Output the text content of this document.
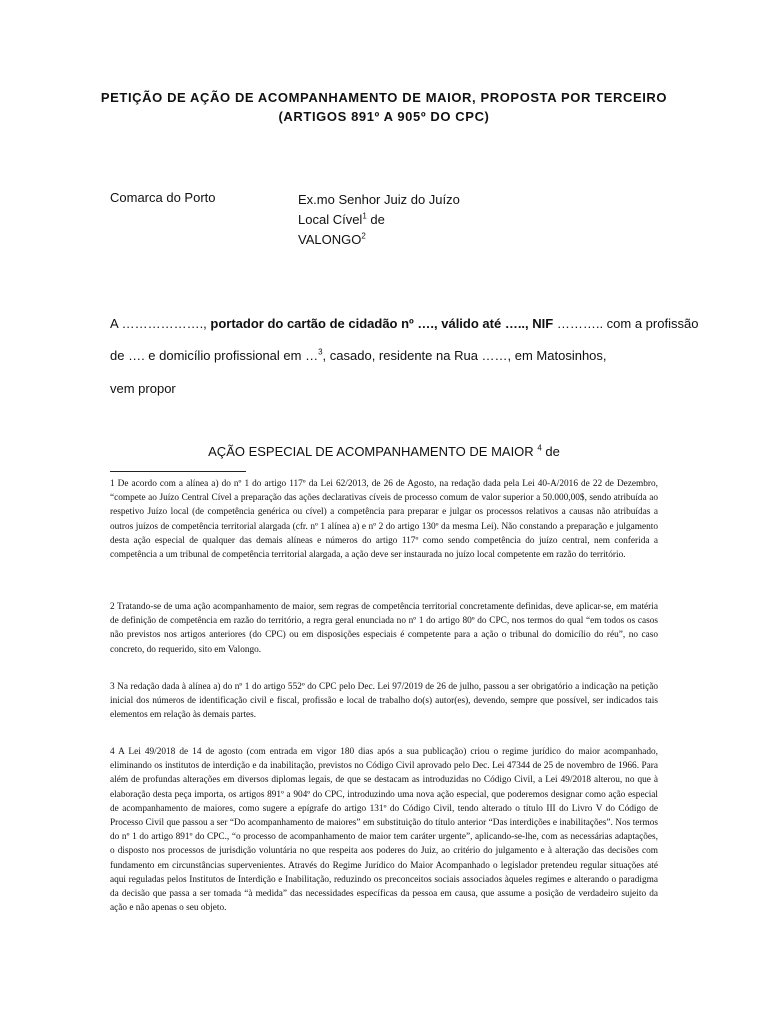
PETIÇÃO DE AÇÃO DE ACOMPANHAMENTO DE MAIOR, PROPOSTA POR TERCEIRO
(ARTIGOS 891º A 905º DO CPC)
Comarca do Porto	Ex.mo Senhor Juiz do Juízo
Local Cível$^1$ de
VALONGO$^2$
A ………………., portador do cartão de cidadão nº …., válido até ….., NIF ……….. com a profissão
de …. e domicílio profissional em …$^3$, casado, residente na Rua ……, em Matosinhos,
vem propor
AÇÃO ESPECIAL DE ACOMPANHAMENTO DE MAIOR $^4$ de
1 De acordo com a alínea a) do nº 1 do artigo 117º da Lei 62/2013, de 26 de Agosto, na redação dada pela Lei 40-A/2016 de 22 de Dezembro, “compete ao Juízo Central Cível a preparação das ações declarativas cíveis de processo comum de valor superior a 50.000,00$, sendo atribuída ao respetivo Juízo local (de competência genérica ou cível) a competência para preparar e julgar os processos relativos a causas não atribuídas a outros juízos de competência territorial alargada (cfr. nº 1 alínea a) e nº 2 do artigo 130º da mesma Lei). Não constando a preparação e julgamento desta ação especial de qualquer das demais alíneas e números do artigo 117º como sendo competência do juízo central, nem conferida a competência a um tribunal de competência territorial alargada, a ação deve ser instaurada no juízo local competente em razão do território.
2 Tratando-se de uma ação acompanhamento de maior, sem regras de competência territorial concretamente definidas, deve aplicar-se, em matéria de definição de competência em razão do território, a regra geral enunciada no nº 1 do artigo 80º do CPC, nos termos do qual “em todos os casos não previstos nos artigos anteriores (do CPC) ou em disposições especiais é competente para a ação o tribunal do domicílio do réu”, no caso concreto, do requerido, sito em Valongo.
3 Na redação dada à alínea a) do nº 1 do artigo 552º do CPC pelo Dec. Lei 97/2019 de 26 de julho, passou a ser obrigatório a indicação na petição inicial dos números de identificação civil e fiscal, profissão e local de trabalho do(s) autor(es), devendo, sempre que possível, ser indicados tais elementos em relação às demais partes.
4 A Lei 49/2018 de 14 de agosto (com entrada em vigor 180 dias após a sua publicação) criou o regime jurídico do maior acompanhado, eliminando os institutos de interdição e da inabilitação, previstos no Código Civil aprovado pelo Dec. Lei 47344 de 25 de novembro de 1966. Para além de profundas alterações em diversos diplomas legais, de que se destacam as introduzidas no Código Civil, a Lei 49/2018 alterou, no que à elaboração desta peça importa, os artigos 891º a 904º do CPC, introduzindo uma nova ação especial, que poderemos designar como ação especial de acompanhamento de maiores, como sugere a epígrafe do artigo 131º do Código Civil, tendo alterado o título III do Livro V do Código de Processo Civil que passou a ser “Do acompanhamento de maiores” em substituição do título anterior “Das interdições e inabilitações”. Nos termos do nº 1 do artigo 891º do CPC., “o processo de acompanhamento de maior tem caráter urgente”, aplicando-se-lhe, com as necessárias adaptações, o disposto nos processos de jurisdição voluntária no que respeita aos poderes do Juiz, ao critério do julgamento e à alteração das decisões com fundamento em circunstâncias supervenientes. Através do Regime Jurídico do Maior Acompanhado o legislador pretendeu regular situações até aqui reguladas pelos Institutos de Interdição e Inabilitação, reduzindo os preconceitos sociais associados àqueles regimes e alterando o paradigma da decisão que passa a ser tomada “à medida” das necessidades específicas da pessoa em causa, que assume a posição de verdadeiro sujeito da ação e não apenas o seu objeto.
